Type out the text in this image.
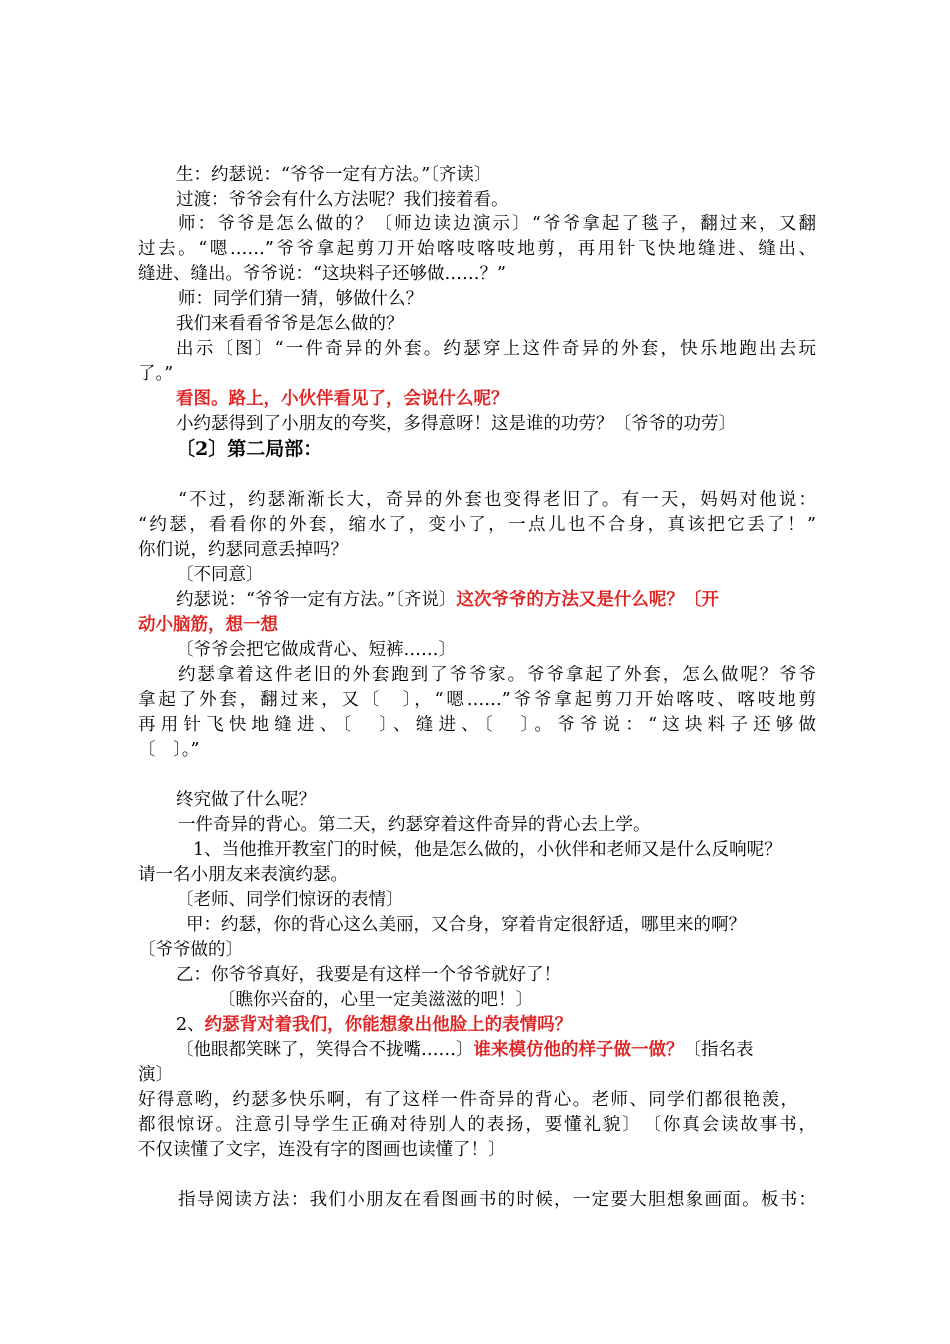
生：约瑟说：“爷爷一定有方法。”〔齐读〕
过渡：爷爷会有什么方法呢？我们接着看。
师：爷爷是怎么做的？〔师边读边演示〕“爷爷拿起了毯子，翻过来，又翻
过去。“嗯……”爷爷拿起剪刀开始喀吱喀吱地剪，再用针飞快地缝进、缝出、
缝进、缝出。爷爷说：“这块料子还够做……？”
师：同学们猜一猜，够做什么？
我们来看看爷爷是怎么做的？
出示〔图〕“一件奇异的外套。约瑟穿上这件奇异的外套，快乐地跑出去玩
了。”
看图。路上，小伙伴看见了，会说什么呢？
小约瑟得到了小朋友的夸奖，多得意呀！这是谁的功劳？〔爷爷的功劳〕
〔2〕第二局部：
“不过，约瑟渐渐长大，奇异的外套也变得老旧了。有一天，妈妈对他说：
“约瑟，看看你的外套，缩水了，变小了，一点儿也不合身，真该把它丢了！”
你们说，约瑟同意丢掉吗？
〔不同意〕
约瑟说：“爷爷一定有方法。”〔齐说〕这次爷爷的方法又是什么呢？〔开
动小脑筋，想一想
〔爷爷会把它做成背心、短裤……〕
约瑟拿着这件老旧的外套跑到了爷爷家。爷爷拿起了外套，怎么做呢？爷爷
拿起了外套，翻过来，又〔　〕，“嗯……”爷爷拿起剪刀开始喀吱、喀吱地剪
再用针飞快地缝进、〔　〕、缝进、〔　〕。爷爷说：“这块料子还够做
〔　〕。”
终究做了什么呢？
一件奇异的背心。第二天，约瑟穿着这件奇异的背心去上学。
1、当他推开教室门的时候，他是怎么做的，小伙伴和老师又是什么反响呢？
请一名小朋友来表演约瑟。
〔老师、同学们惊讶的表情〕
甲：约瑟，你的背心这么美丽，又合身，穿着肯定很舒适，哪里来的啊？
〔爷爷做的〕
乙：你爷爷真好，我要是有这样一个爷爷就好了！
〔瞧你兴奋的，心里一定美滋滋的吧！〕
2、约瑟背对着我们，你能想象出他脸上的表情吗？
〔他眼都笑眯了，笑得合不拢嘴……〕谁来模仿他的样子做一做？〔指名表
演〕
好得意哟，约瑟多快乐啊，有了这样一件奇异的背心。老师、同学们都很艳羡，
都很惊讶。注意引导学生正确对待别人的表扬，要懂礼貌〕　〔你真会读故事书，
不仅读懂了文字，连没有字的图画也读懂了！〕
指导阅读方法：我们小朋友在看图画书的时候，一定要大胆想象画面。板书：
